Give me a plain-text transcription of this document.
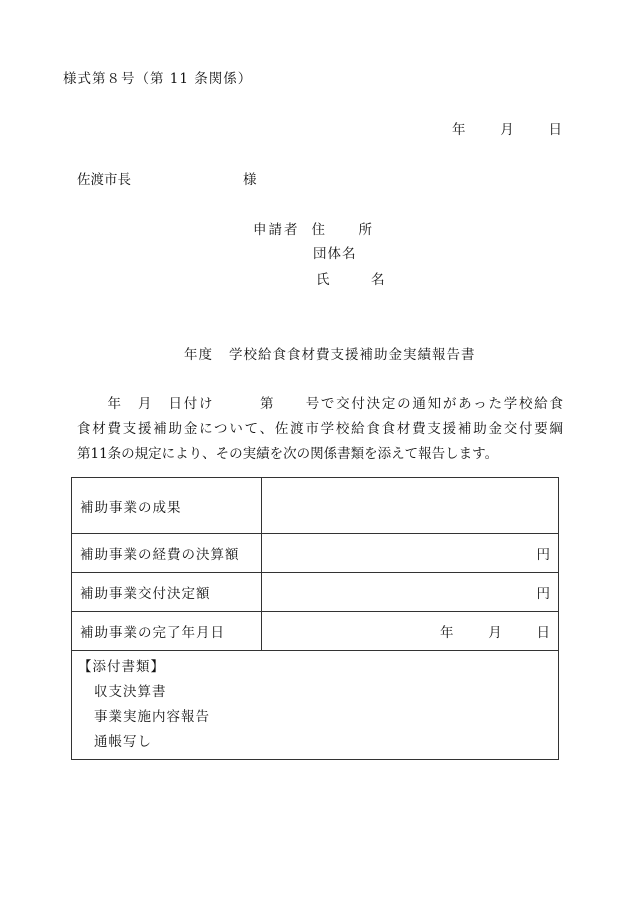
様式第８号（第 11 条関係）
年	月	日
佐渡市長	様
申請者 住　所
団体名
氏　名
年度 学校給食食材費支援補助金実績報告書
　　年　月　日付け　　　第　　号で交付決定の通知があった学校給食
食材費支援補助金について、佐渡市学校給食食材費支援補助金交付要綱
第11条の規定により、その実績を次の関係書類を添えて報告します。
補助事業の成果	
補助事業の経費の決算額	円
補助事業交付決定額	円
補助事業の完了年月日	年 月 日

【添付書類】
収支決算書
事業実施内容報告
通帳写し	
